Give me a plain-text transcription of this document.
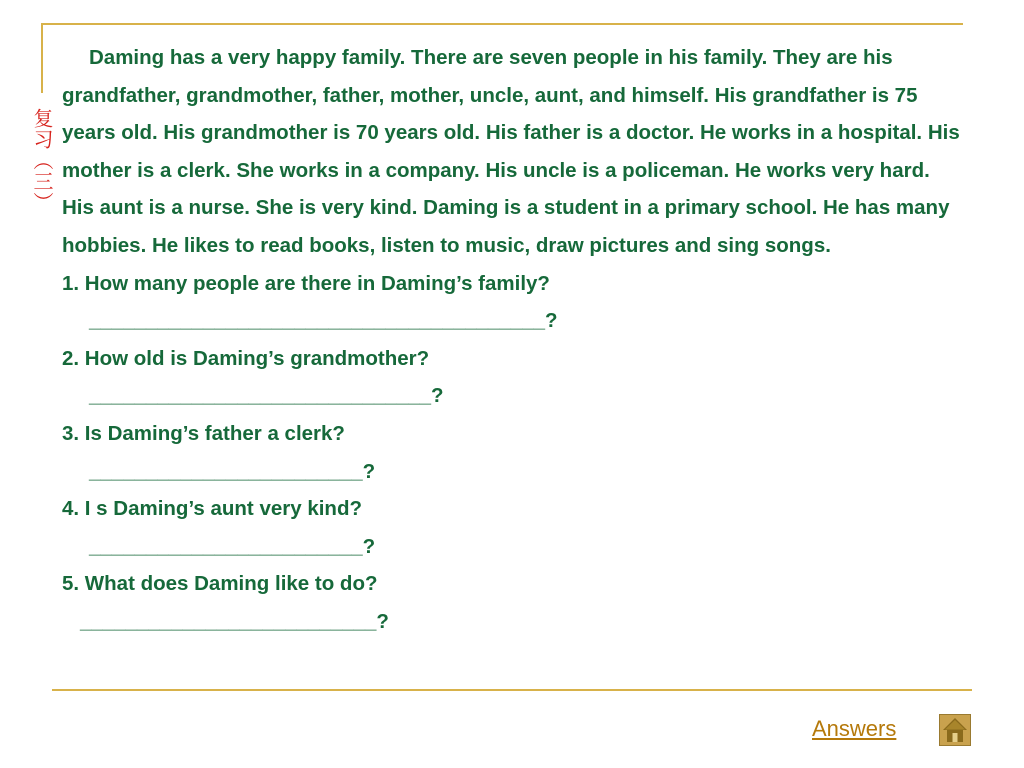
复习（三）

Daming has a very happy family. There are seven people in his family. They are his grandfather, grandmother, father, mother, uncle, aunt, and himself. His grandfather is 75 years old. His grandmother is 70 years old. His father is a doctor. He works in a hospital. His mother is a clerk. She works in a company. His uncle is a policeman. He works very hard. His aunt is a nurse. She is very kind. Daming is a student in a primary school. He has many hobbies. He likes to read books, listen to music, draw pictures and sing songs.

1. How many people are there in Daming’s family?

________________________________________?

2. How old is Daming’s grandmother?

______________________________?

3. Is Daming’s father a clerk?

________________________?

4. I s Daming’s aunt very kind?

________________________?

5. What does Daming like to do?

__________________________?

Answers
